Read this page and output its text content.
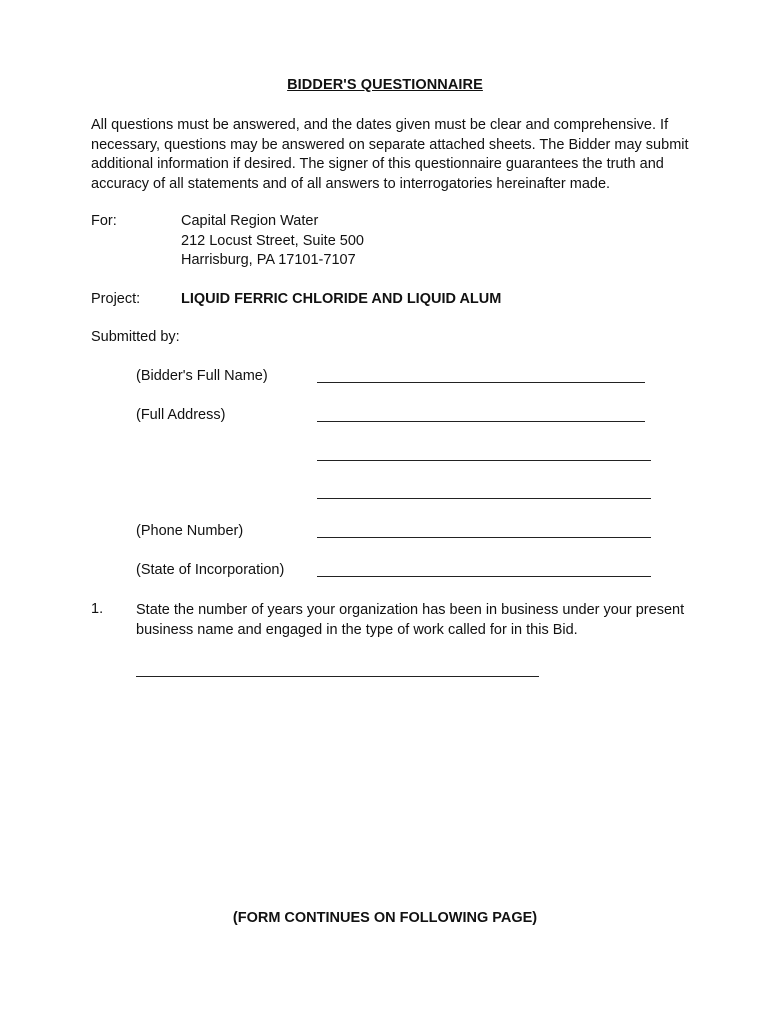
BIDDER'S QUESTIONNAIRE
All questions must be answered, and the dates given must be clear and comprehensive. If necessary, questions may be answered on separate attached sheets. The Bidder may submit additional information if desired. The signer of this questionnaire guarantees the truth and accuracy of all statements and of all answers to interrogatories hereinafter made.
For:	Capital Region Water
212 Locust Street, Suite 500
Harrisburg, PA 17101-7107
Project:	LIQUID FERRIC CHLORIDE AND LIQUID ALUM
Submitted by:
(Bidder's Full Name)
(Full Address)
(Phone Number)
(State of Incorporation)
1. State the number of years your organization has been in business under your present business name and engaged in the type of work called for in this Bid.
(FORM CONTINUES ON FOLLOWING PAGE)
